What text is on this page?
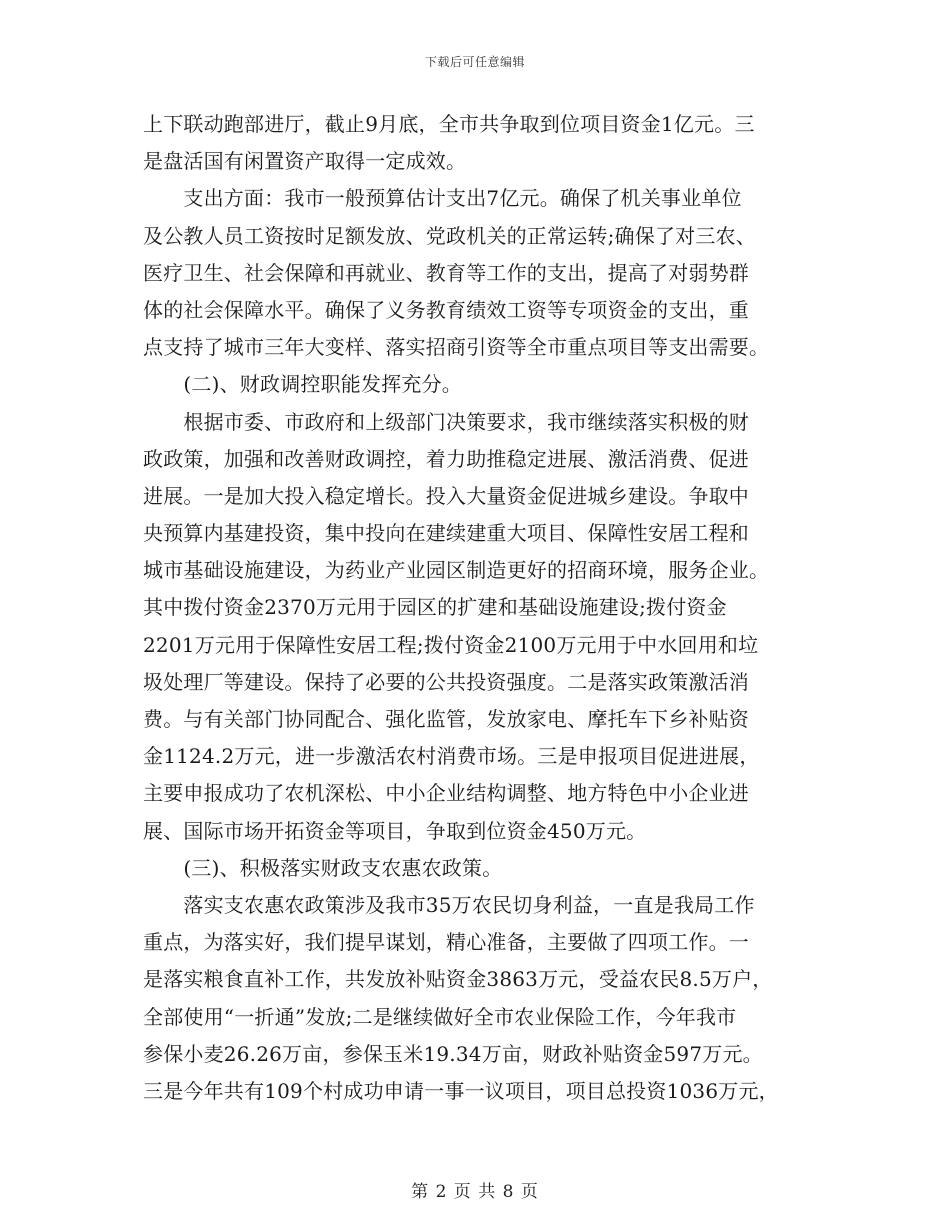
下载后可任意编辑
上下联动跑部进厅，截止9月底，全市共争取到位项目资金1亿元。三
是盘活国有闲置资产取得一定成效。
　　支出方面：我市一般预算估计支出7亿元。确保了机关事业单位
及公教人员工资按时足额发放、党政机关的正常运转;确保了对三农、
医疗卫生、社会保障和再就业、教育等工作的支出，提高了对弱势群
体的社会保障水平。确保了义务教育绩效工资等专项资金的支出，重
点支持了城市三年大变样、落实招商引资等全市重点项目等支出需要。
　　(二)、财政调控职能发挥充分。
　　根据市委、市政府和上级部门决策要求，我市继续落实积极的财
政政策，加强和改善财政调控，着力助推稳定进展、激活消费、促进
进展。一是加大投入稳定增长。投入大量资金促进城乡建设。争取中
央预算内基建投资，集中投向在建续建重大项目、保障性安居工程和
城市基础设施建设，为药业产业园区制造更好的招商环境，服务企业。
其中拨付资金2370万元用于园区的扩建和基础设施建设;拨付资金
2201万元用于保障性安居工程;拨付资金2100万元用于中水回用和垃
圾处理厂等建设。保持了必要的公共投资强度。二是落实政策激活消
费。与有关部门协同配合、强化监管，发放家电、摩托车下乡补贴资
金1124.2万元，进一步激活农村消费市场。三是申报项目促进进展，
主要申报成功了农机深松、中小企业结构调整、地方特色中小企业进
展、国际市场开拓资金等项目，争取到位资金450万元。
　　(三)、积极落实财政支农惠农政策。
　　落实支农惠农政策涉及我市35万农民切身利益，一直是我局工作
重点，为落实好，我们提早谋划，精心准备，主要做了四项工作。一
是落实粮食直补工作，共发放补贴资金3863万元，受益农民8.5万户，
全部使用“一折通”发放;二是继续做好全市农业保险工作，今年我市
参保小麦26.26万亩，参保玉米19.34万亩，财政补贴资金597万元。
三是今年共有109个村成功申请一事一议项目，项目总投资1036万元，
第 2 页 共 8 页
